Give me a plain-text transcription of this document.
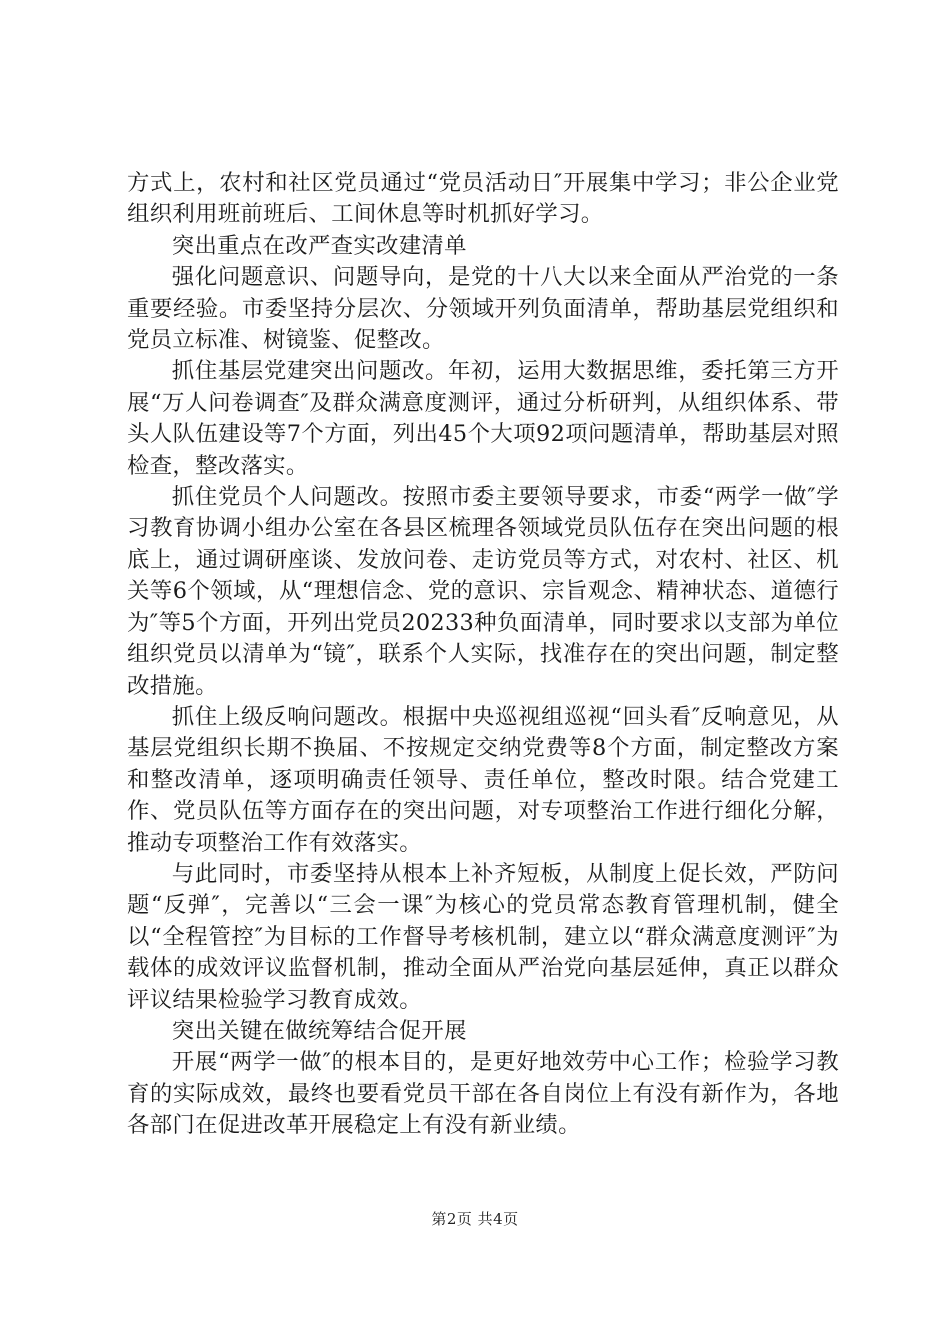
方式上，农村和社区党员通过“党员活动日″开展集中学习；非公企业党组织利用班前班后、工间休息等时机抓好学习。

突出重点在改严查实改建清单

强化问题意识、问题导向，是党的十八大以来全面从严治党的一条重要经验。市委坚持分层次、分领域开列负面清单，帮助基层党组织和党员立标准、树镜鉴、促整改。

抓住基层党建突出问题改。年初，运用大数据思维，委托第三方开展“万人问卷调查″及群众满意度测评，通过分析研判，从组织体系、带头人队伍建设等7个方面，列出45个大项92项问题清单，帮助基层对照检查，整改落实。

抓住党员个人问题改。按照市委主要领导要求，市委“两学一做″学习教育协调小组办公室在各县区梳理各领域党员队伍存在突出问题的根底上，通过调研座谈、发放问卷、走访党员等方式，对农村、社区、机关等6个领域，从“理想信念、党的意识、宗旨观念、精神状态、道德行为″等5个方面，开列出党员20233种负面清单，同时要求以支部为单位组织党员以清单为“镜″，联系个人实际，找准存在的突出问题，制定整改措施。

抓住上级反响问题改。根据中央巡视组巡视“回头看″反响意见，从基层党组织长期不换届、不按规定交纳党费等8个方面，制定整改方案和整改清单，逐项明确责任领导、责任单位，整改时限。结合党建工作、党员队伍等方面存在的突出问题，对专项整治工作进行细化分解，推动专项整治工作有效落实。

与此同时，市委坚持从根本上补齐短板，从制度上促长效，严防问题“反弹″，完善以“三会一课″为核心的党员常态教育管理机制，健全以“全程管控″为目标的工作督导考核机制，建立以“群众满意度测评″为载体的成效评议监督机制，推动全面从严治党向基层延伸，真正以群众评议结果检验学习教育成效。

突出关键在做统筹结合促开展

开展“两学一做″的根本目的，是更好地效劳中心工作；检验学习教育的实际成效，最终也要看党员干部在各自岗位上有没有新作为，各地各部门在促进改革开展稳定上有没有新业绩。

第2页 共4页
